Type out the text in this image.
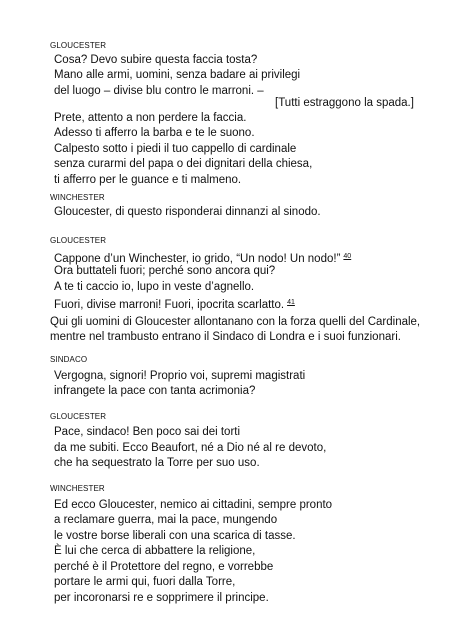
GLOUCESTER
Cosa? Devo subire questa faccia tosta?
Mano alle armi, uomini, senza badare ai privilegi
del luogo – divise blu contro le marroni. –
[Tutti estraggono la spada.]
Prete, attento a non perdere la faccia.
Adesso ti afferro la barba e te le suono.
Calpesto sotto i piedi il tuo cappello di cardinale
senza curarmi del papa o dei dignitari della chiesa,
ti afferro per le guance e ti malmeno.
WINCHESTER
Gloucester, di questo risponderai dinnanzi al sinodo.
GLOUCESTER
Cappone d’un Winchester, io grido, “Un nodo! Un nodo!” $^{40}$
Ora buttateli fuori; perché sono ancora qui?
A te ti caccio io, lupo in veste d’agnello.
Fuori, divise marroni! Fuori, ipocrita scarlatto. $^{41}$
Qui gli uomini di Gloucester allontanano con la forza quelli del Cardinale,
mentre nel trambusto entrano il Sindaco di Londra e i suoi funzionari.
SINDACO
Vergogna, signori! Proprio voi, supremi magistrati
infrangete la pace con tanta acrimonia?
GLOUCESTER
Pace, sindaco! Ben poco sai dei torti
da me subiti. Ecco Beaufort, né a Dio né al re devoto,
che ha sequestrato la Torre per suo uso.
WINCHESTER
Ed ecco Gloucester, nemico ai cittadini, sempre pronto
a reclamare guerra, mai la pace, mungendo
le vostre borse liberali con una scarica di tasse.
È lui che cerca di abbattere la religione,
perché è il Protettore del regno, e vorrebbe
portare le armi qui, fuori dalla Torre,
per incoronarsi re e sopprimere il principe.
